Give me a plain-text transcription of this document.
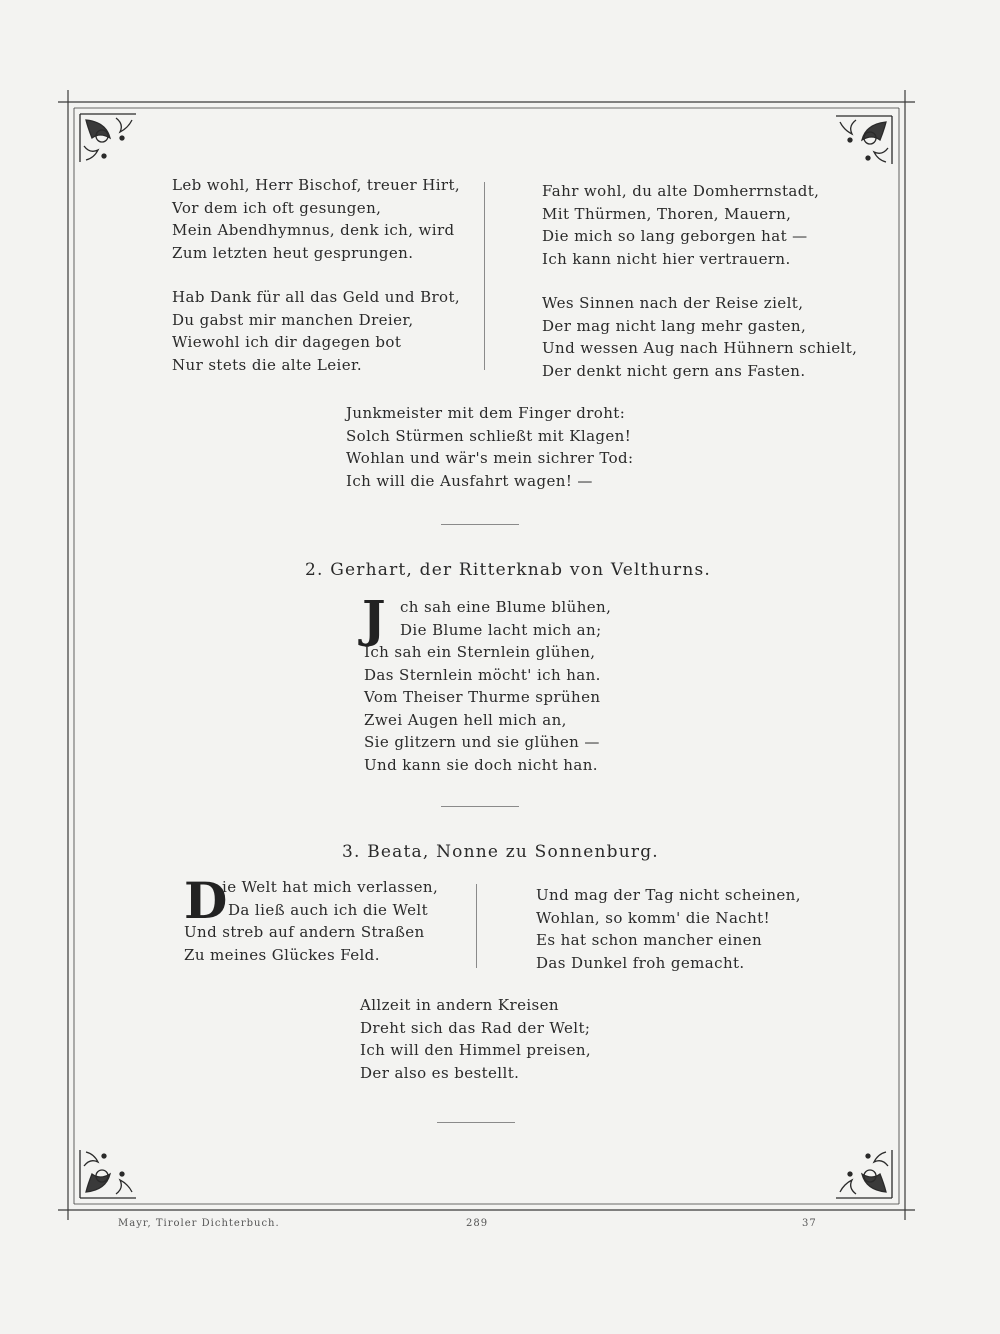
Leb wohl, Herr Bischof, treuer Hirt,
Vor dem ich oft gesungen,
Mein Abendhymnus, denk ich, wird
Zum letzten heut gesprungen.
Hab Dank für all das Geld und Brot,
Du gabst mir manchen Dreier,
Wiewohl ich dir dagegen bot
Nur stets die alte Leier.
Fahr wohl, du alte Domherrnstadt,
Mit Thürmen, Thoren, Mauern,
Die mich so lang geborgen hat —
Ich kann nicht hier vertrauern.
Wes Sinnen nach der Reise zielt,
Der mag nicht lang mehr gasten,
Und wessen Aug nach Hühnern schielt,
Der denkt nicht gern ans Fasten.
Junkmeister mit dem Finger droht:
Solch Stürmen schließt mit Klagen!
Wohlan und wär's mein sichrer Tod:
Ich will die Ausfahrt wagen! —
2. Gerhart, der Ritterknab von Velthurns.
J ch sah eine Blume blühen,
Die Blume lacht mich an;
Ich sah ein Sternlein glühen,
Das Sternlein möcht' ich han.
Vom Theiser Thurme sprühen
Zwei Augen hell mich an,
Sie glitzern und sie glühen —
Und kann sie doch nicht han.
3. Beata, Nonne zu Sonnenburg.
D
ie Welt hat mich verlassen,
Da ließ auch ich die Welt
Und streb auf andern Straßen
Zu meines Glückes Feld.
Und mag der Tag nicht scheinen,
Wohlan, so komm' die Nacht!
Es hat schon mancher einen
Das Dunkel froh gemacht.
Allzeit in andern Kreisen
Dreht sich das Rad der Welt;
Ich will den Himmel preisen,
Der also es bestellt.
Mayr, Tiroler Dichterbuch.	289	37
